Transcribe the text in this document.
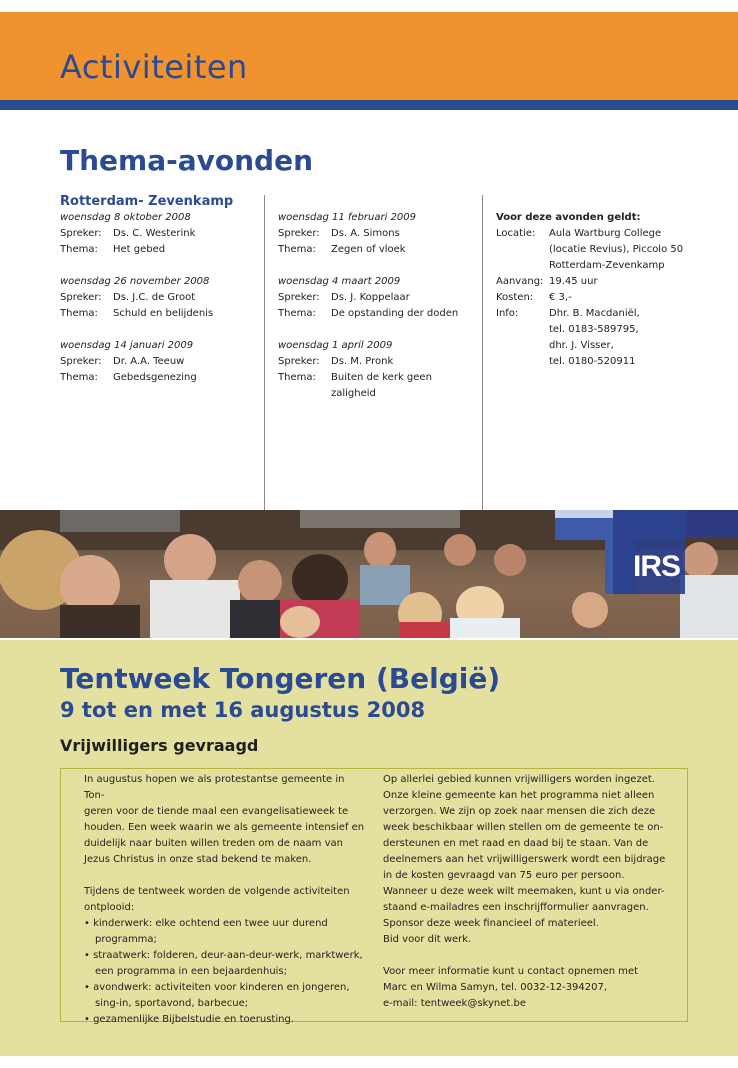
Activiteiten
Thema-avonden
Rotterdam- Zevenkamp
woensdag 8 oktober 2008
Spreker:	Ds. C. Westerink
Thema:	Het gebed
woensdag 26 november 2008
Spreker:	Ds. J.C. de Groot
Thema:	Schuld en belijdenis
woensdag 14 januari 2009
Spreker:	Dr. A.A. Teeuw
Thema:	Gebedsgenezing
woensdag 11 februari 2009
Spreker:	Ds. A. Simons
Thema:	Zegen of vloek
woensdag 4 maart 2009
Spreker:	Ds. J. Koppelaar
Thema:	De opstanding der doden
woensdag 1 april 2009
Spreker:	Ds. M. Pronk
Thema:	Buiten de kerk geen zaligheid
Voor deze avonden geldt:
Locatie:	Aula Wartburg College
(locatie Revius), Piccolo 50
Rotterdam-Zevenkamp
Aanvang: 19.45 uur
Kosten:	€ 3,-
Info:	Dhr. B. Macdaniël,
tel. 0183-589795,
dhr. J. Visser,
tel. 0180-520911
IRS
Tentweek Tongeren (België)
9 tot en met 16 augustus 2008
Vrijwilligers gevraagd

In augustus hopen we als protestantse gemeente in Ton-

geren voor de tiende maal een evangelisatieweek te

houden. Een week waarin we als gemeente intensief en

duidelijk naar buiten willen treden om de naam van

Jezus Christus in onze stad bekend te maken.

Tijdens de tentweek worden de volgende activiteiten

ontplooid:

• kinderwerk: elke ochtend een twee uur durend

programma;

• straatwerk: folderen, deur-aan-deur-werk, marktwerk,

een programma in een bejaardenhuis;

• avondwerk: activiteiten voor kinderen en jongeren,

sing-in, sportavond, barbecue;

• gezamenlijke Bijbelstudie en toerusting.

Op allerlei gebied kunnen vrijwilligers worden ingezet.

Onze kleine gemeente kan het programma niet alleen

verzorgen. We zijn op zoek naar mensen die zich deze

week beschikbaar willen stellen om de gemeente te on-

dersteunen en met raad en daad bij te staan. Van de

deelnemers aan het vrijwilligerswerk wordt een bijdrage

in de kosten gevraagd van 75 euro per persoon.

Wanneer u deze week wilt meemaken, kunt u via onder-

staand e-mailadres een inschrijfformulier aanvragen.

Sponsor deze week financieel of materieel.

Bid voor dit werk.

Voor meer informatie kunt u contact opnemen met

Marc en Wilma Samyn, tel. 0032-12-394207,

e-mail: tentweek@skynet.be
